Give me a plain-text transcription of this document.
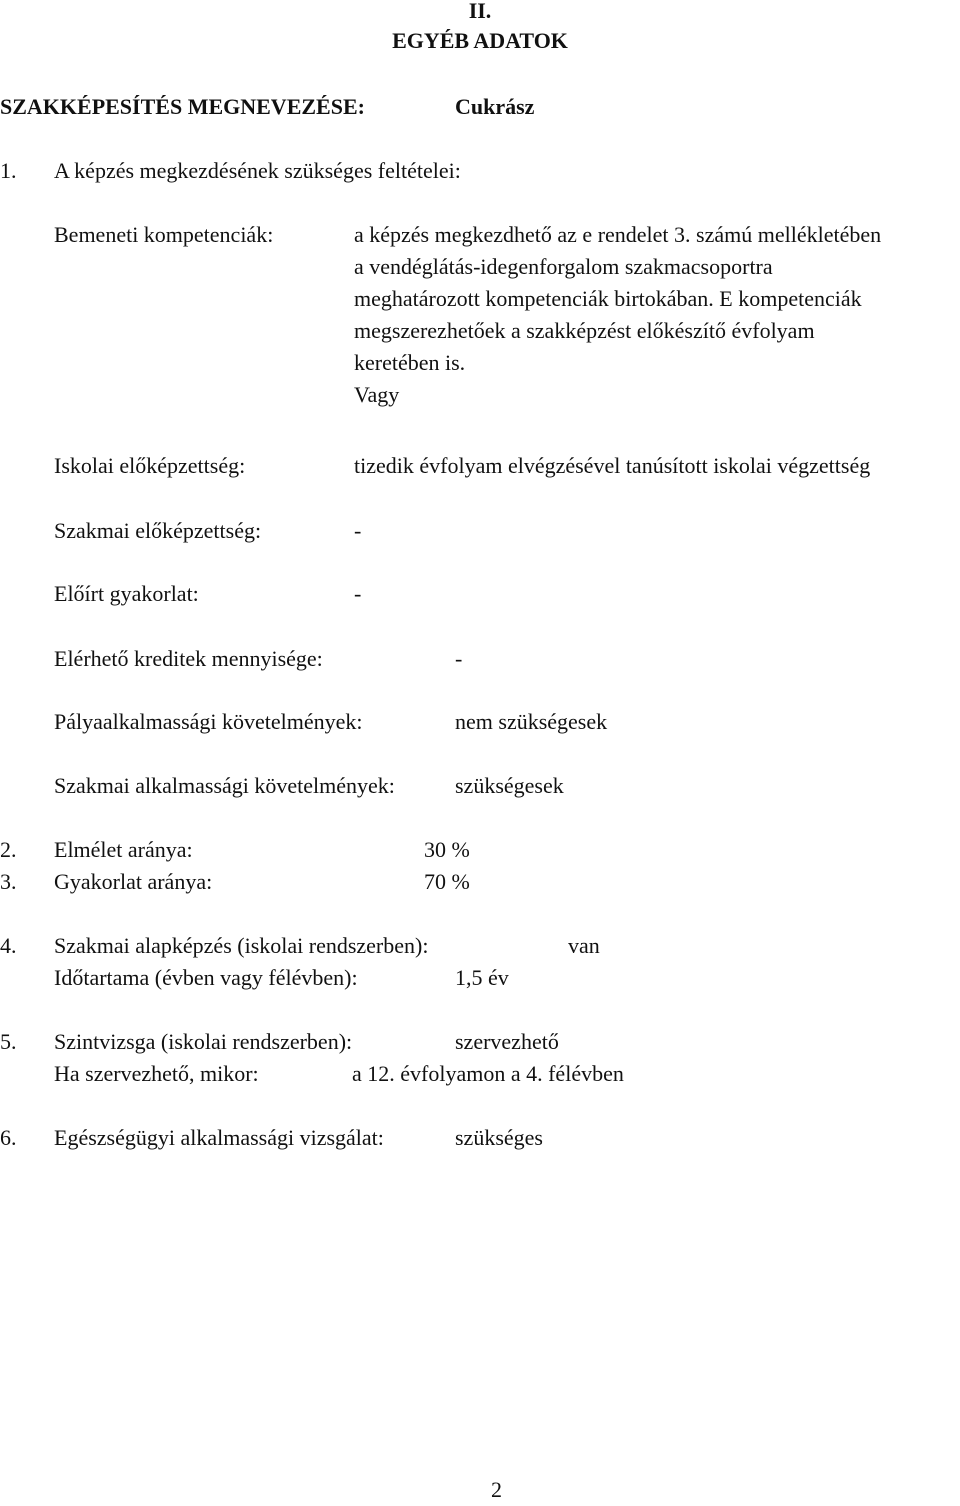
II.

EGYÉB ADATOK

SZAKKÉPESÍTÉS MEGNEVEZÉSE:	Cukrász

1. A képzés megkezdésének szükséges feltételei:

Bemeneti kompetenciák:	a képzés megkezdhető az e rendelet 3. számú mellékletében

a vendéglátás-idegenforgalom szakmacsoportra

meghatározott kompetenciák birtokában. E kompetenciák

megszerezhetőek a szakképzést előkészítő évfolyam

keretében is.

Vagy

Iskolai előképzettség:	tizedik évfolyam elvégzésével tanúsított iskolai végzettség

Szakmai előképzettség:	-

Előírt gyakorlat:	-

Elérhető kreditek mennyisége:	-

Pályaalkalmassági követelmények:	nem szükségesek

Szakmai alkalmassági követelmények:	szükségesek

2. Elmélet aránya:	30 %

3. Gyakorlat aránya:	70 %

4. Szakmai alapképzés (iskolai rendszerben):	van

Időtartama (évben vagy félévben):	1,5 év

5. Szintvizsga (iskolai rendszerben):	szervezhető

Ha szervezhető, mikor:	a 12. évfolyamon a 4. félévben

6. Egészségügyi alkalmassági vizsgálat:	szükséges

2
